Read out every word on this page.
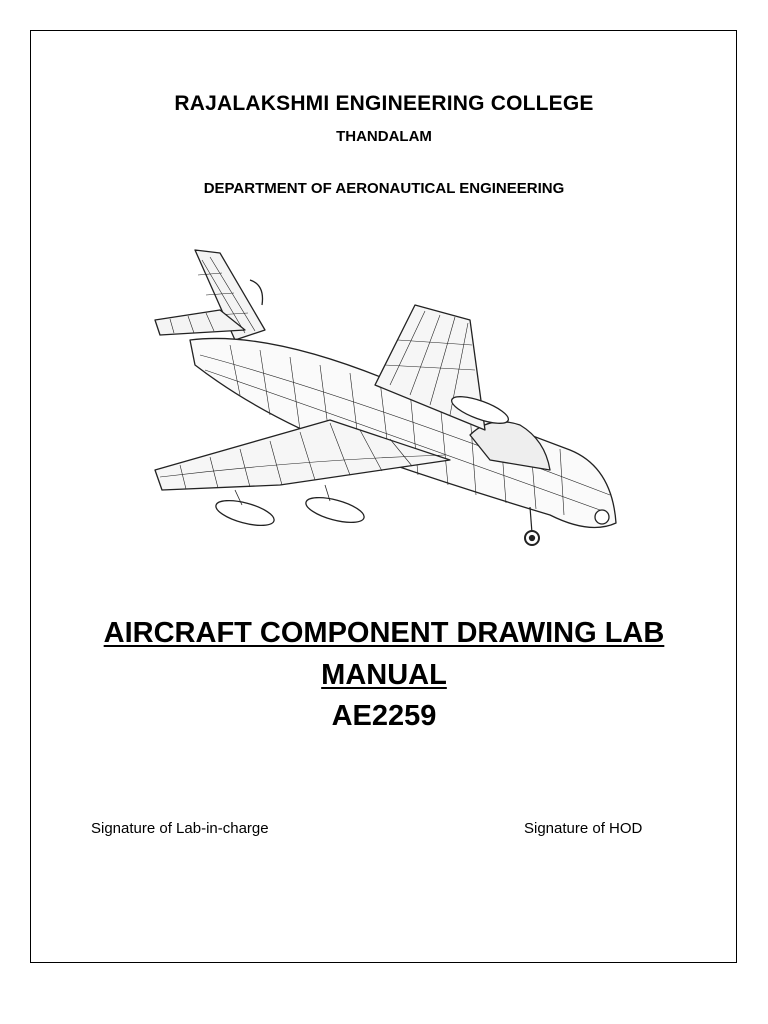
RAJALAKSHMI ENGINEERING COLLEGE
THANDALAM
DEPARTMENT OF AERONAUTICAL ENGINEERING
AIRCRAFT COMPONENT DRAWING LAB
MANUAL
AE2259
Signature of Lab-in-charge	Signature of HOD
